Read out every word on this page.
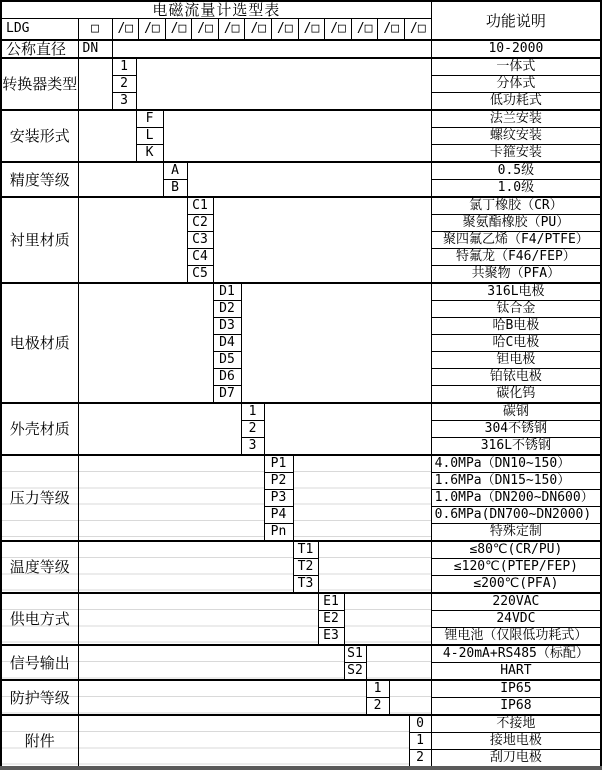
电磁流量计选型表															功能说明
LDG	□	/□ /□ /□ /□ /□ /□ /□ /□ /□ /□ /□ /□

公称直径	DN														10-2000
转换器类型		1													一体式
		2													分体式
		3													低功耗式
安装形式			F												法兰安装
			L												螺纹安装
			K												卡箍安装
精度等级				A											0.5级
				B											1.0级
衬里材质					C1										氯丁橡胶（CR）
					C2										聚氨酯橡胶（PU）
					C3										聚四氟乙烯（F4/PTFE）
					C4										特氟龙（F46/FEP）
					C5										共聚物（PFA）
电极材质						D1									316L电极
						D2									钛合金
						D3									哈B电极
						D4									哈C电极
						D5									钽电极
						D6									铂铱电极
						D7									碳化钨
外壳材质							1								碳钢
							2								304不锈钢
							3								316L不锈钢
压力等级								P1							4.0MPa（DN10~150）
								P2							1.6MPa（DN15~150）
								P3							1.0MPa（DN200~DN600）
								P4							0.6MPa(DN700~DN2000)
								Pn							特殊定制
温度等级									T1						≤80℃(CR/PU)
									T2						≤120℃(PTEP/FEP)
									T3						≤200℃(PFA)
供电方式										E1					220VAC
										E2					24VDC
										E3					锂电池（仅限低功耗式）
信号输出											S1				4-20mA+RS485（标配）
											S2				HART
防护等级												1			IP65
												2			IP68
附件														0	不接地
														1	接地电极
														2	刮刀电极
